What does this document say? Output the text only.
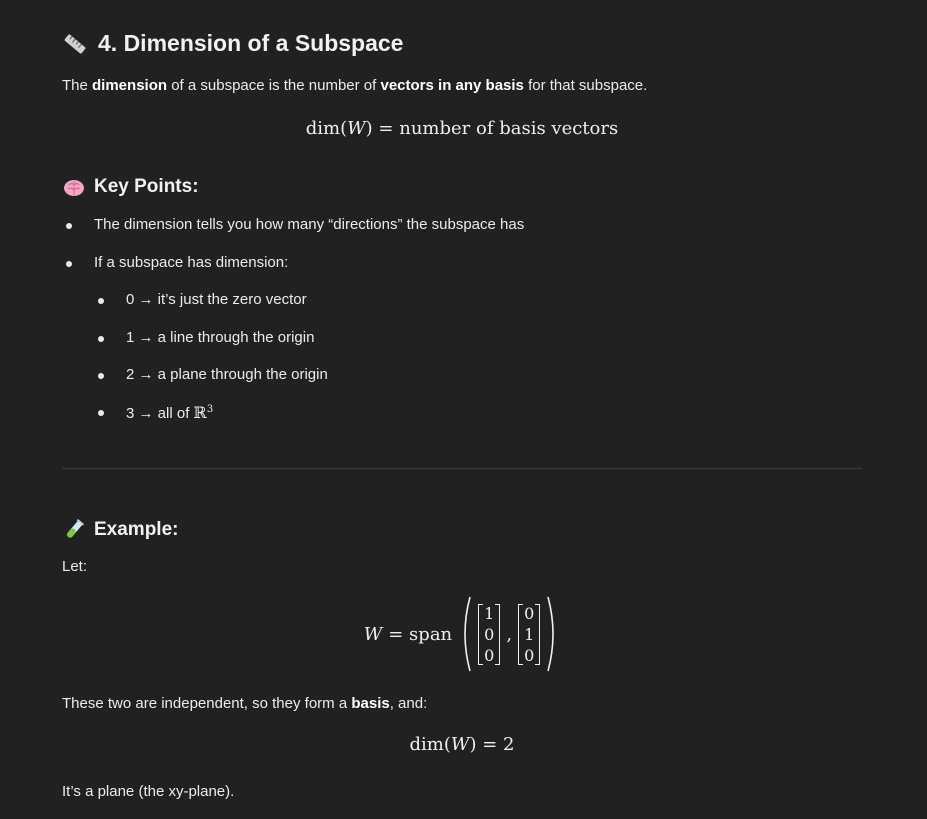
4. Dimension of a Subspace
The dimension of a subspace is the number of vectors in any basis for that subspace.
dim(W) = number of basis vectors
Key Points:
The dimension tells you how many “directions” the subspace has
If a subspace has dimension:
0 → it’s just the zero vector
1 → a line through the origin
2 → a plane through the origin
3 → all of ℝ$^3$
Example:
Let:
W = span
1
0
0
,
0
1
0
These two are independent, so they form a basis, and:
dim(W) = 2
It’s a plane (the xy-plane).
